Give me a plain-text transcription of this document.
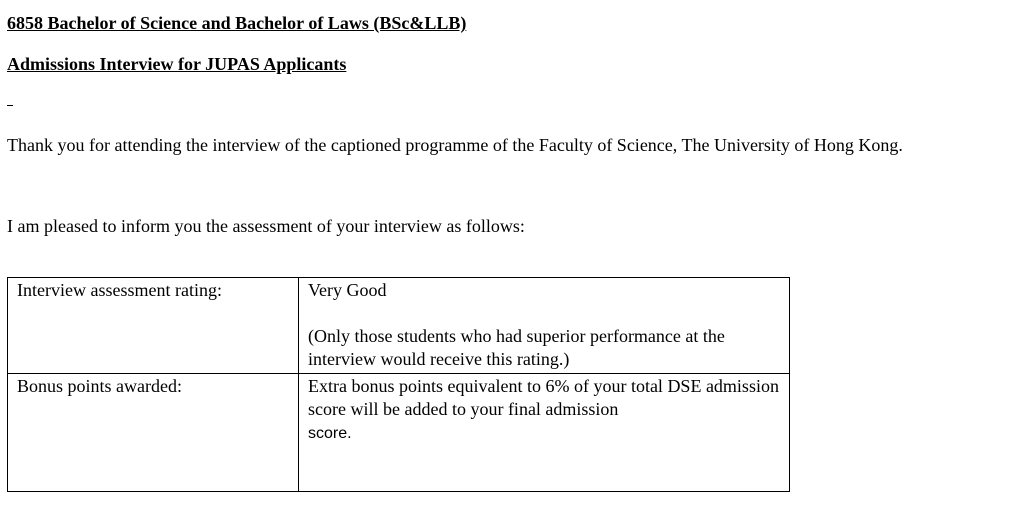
6858 Bachelor of Science and Bachelor of Laws (BSc&LLB)
Admissions Interview for JUPAS Applicants
Thank you for attending the interview of the captioned programme of the Faculty of Science, The University of Hong Kong.
I am pleased to inform you the assessment of your interview as follows:
Interview assessment rating:	Very Good
(Only those students who had superior performance at the interview would receive this rating.)
Bonus points awarded:	Extra bonus points equivalent to 6% of your total DSE admission score will be added to your final admission
score.
